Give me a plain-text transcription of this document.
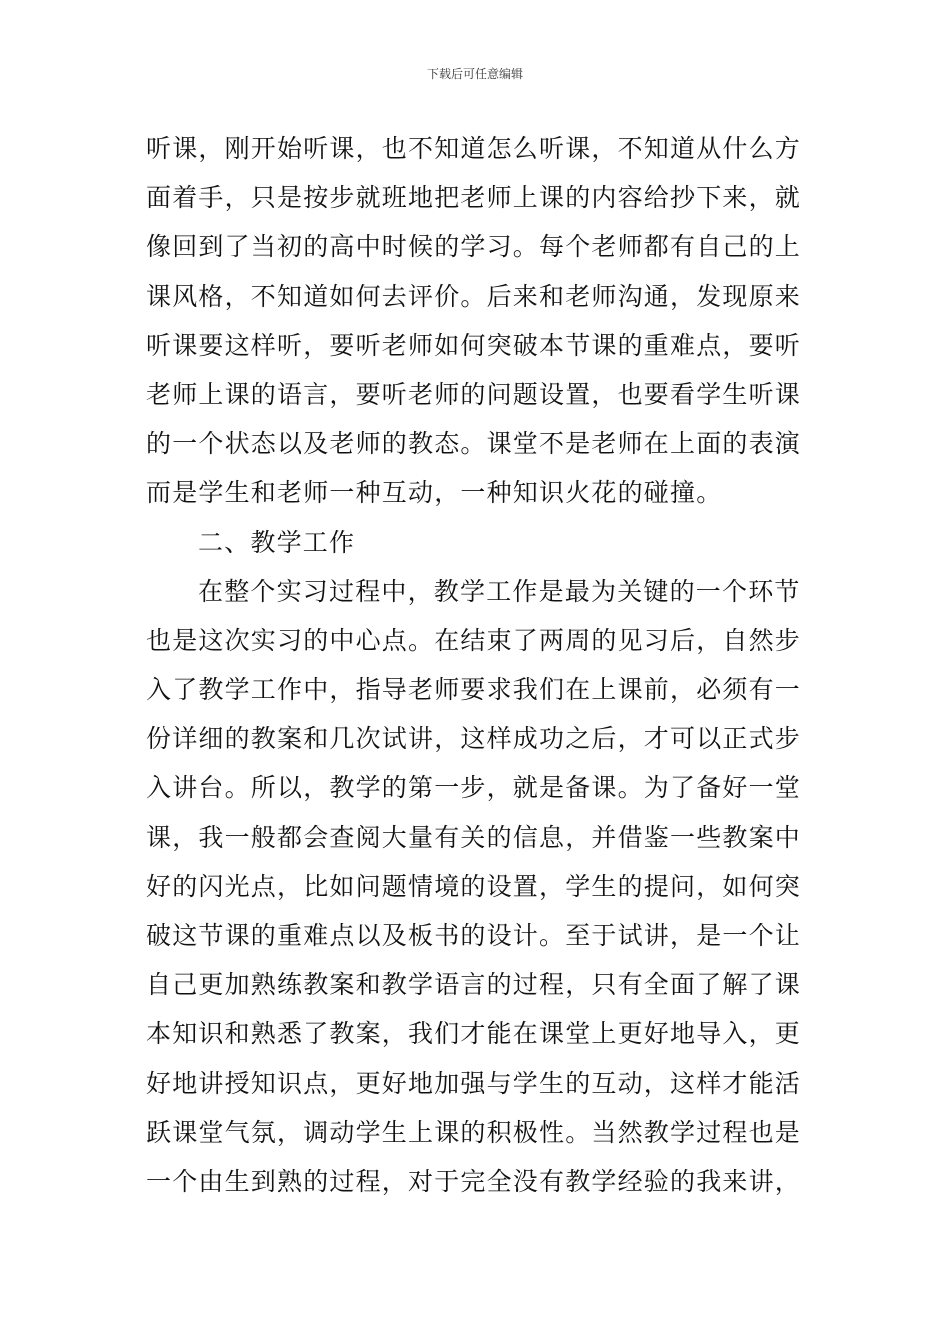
下载后可任意编辑
听课，刚开始听课，也不知道怎么听课，不知道从什么方
面着手，只是按步就班地把老师上课的内容给抄下来，就
像回到了当初的高中时候的学习。每个老师都有自己的上
课风格，不知道如何去评价。后来和老师沟通，发现原来
听课要这样听，要听老师如何突破本节课的重难点，要听
老师上课的语言，要听老师的问题设置，也要看学生听课
的一个状态以及老师的教态。课堂不是老师在上面的表演
而是学生和老师一种互动，一种知识火花的碰撞。
二、教学工作
在整个实习过程中，教学工作是最为关键的一个环节
也是这次实习的中心点。在结束了两周的见习后，自然步
入了教学工作中，指导老师要求我们在上课前，必须有一
份详细的教案和几次试讲，这样成功之后，才可以正式步
入讲台。所以，教学的第一步，就是备课。为了备好一堂
课，我一般都会查阅大量有关的信息，并借鉴一些教案中
好的闪光点，比如问题情境的设置，学生的提问，如何突
破这节课的重难点以及板书的设计。至于试讲，是一个让
自己更加熟练教案和教学语言的过程，只有全面了解了课
本知识和熟悉了教案，我们才能在课堂上更好地导入，更
好地讲授知识点，更好地加强与学生的互动，这样才能活
跃课堂气氛，调动学生上课的积极性。当然教学过程也是
一个由生到熟的过程，对于完全没有教学经验的我来讲，
